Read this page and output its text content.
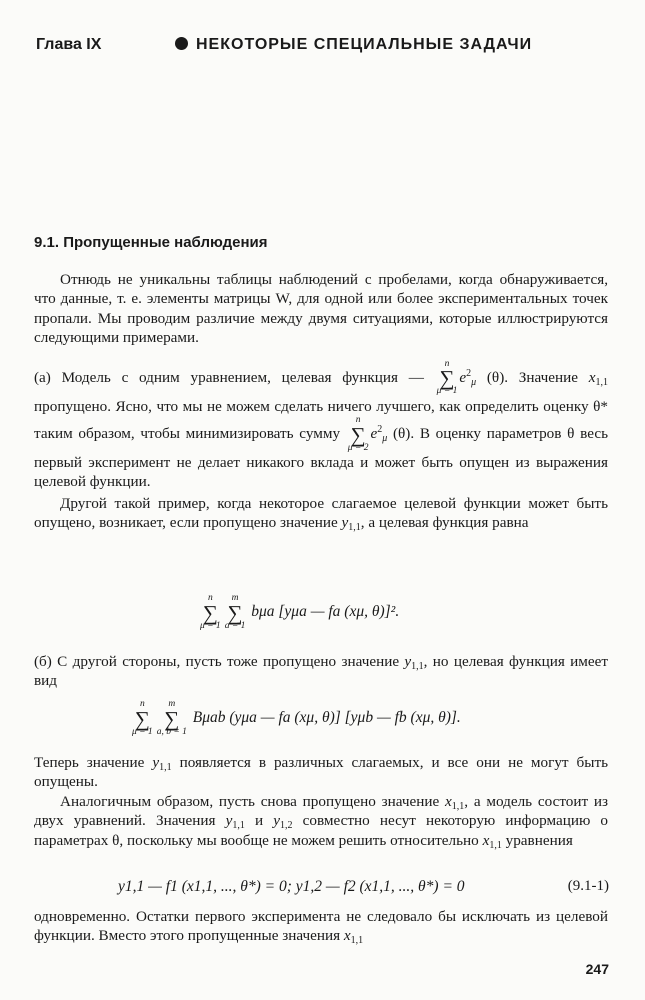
Глава IX	НЕКОТОРЫЕ СПЕЦИАЛЬНЫЕ ЗАДАЧИ
9.1. Пропущенные наблюдения

Отнюдь не уникальны таблицы наблюдений с пробелами, когда обнаруживается, что данные, т. е. элементы матрицы W, для одной или более экспериментальных точек пропали. Мы проводим различие между двумя ситуациями, которые иллюстрируются следующими примерами.

(а) Модель с одним уравнением, целевая функция —
n
∑
μ = 1
$e^2_\mu$ (θ). Значение $x_{1,1}$ пропущено. Ясно, что мы не можем сделать ничего лучшего, как определить оценку θ* таким образом, чтобы минимизировать сумму
n
∑
μ = 2
$e^2_\mu$ (θ). В оценку параметров θ весь первый эксперимент не делает никакого вклада и может быть опущен из выражения целевой функции.

Другой такой пример, когда некоторое слагаемое целевой функции может быть опущено, возникает, если пропущено значение $y_{1,1}$, а целевая функция равна

n
∑
μ = 1
m
∑
a = 1
bμa [yμa — fa (xμ, θ)]².

(б) С другой стороны, пусть тоже пропущено значение $y_{1,1}$, но целевая функция имеет вид

n
∑
μ = 1
m
∑
a, b = 1
Bμab (yμa — fa (xμ, θ)] [yμb — fb (xμ, θ)].

Теперь значение $y_{1,1}$ появляется в различных слагаемых, и все они не могут быть опущены.

Аналогичным образом, пусть снова пропущено значение $x_{1,1}$, а модель состоит из двух уравнений. Значения $y_{1,1}$ и $y_{1,2}$ совместно несут некоторую информацию о параметрах θ, поскольку мы вообще не можем решить относительно $x_{1,1}$ уравнения

y1,1 — f1 (x1,1, ..., θ*) = 0; y1,2 — f2 (x1,1, ..., θ*) = 0	(9.1-1)

одновременно. Остатки первого эксперимента не следовало бы исключать из целевой функции. Вместо этого пропущенные значения $x_{1,1}$

247
